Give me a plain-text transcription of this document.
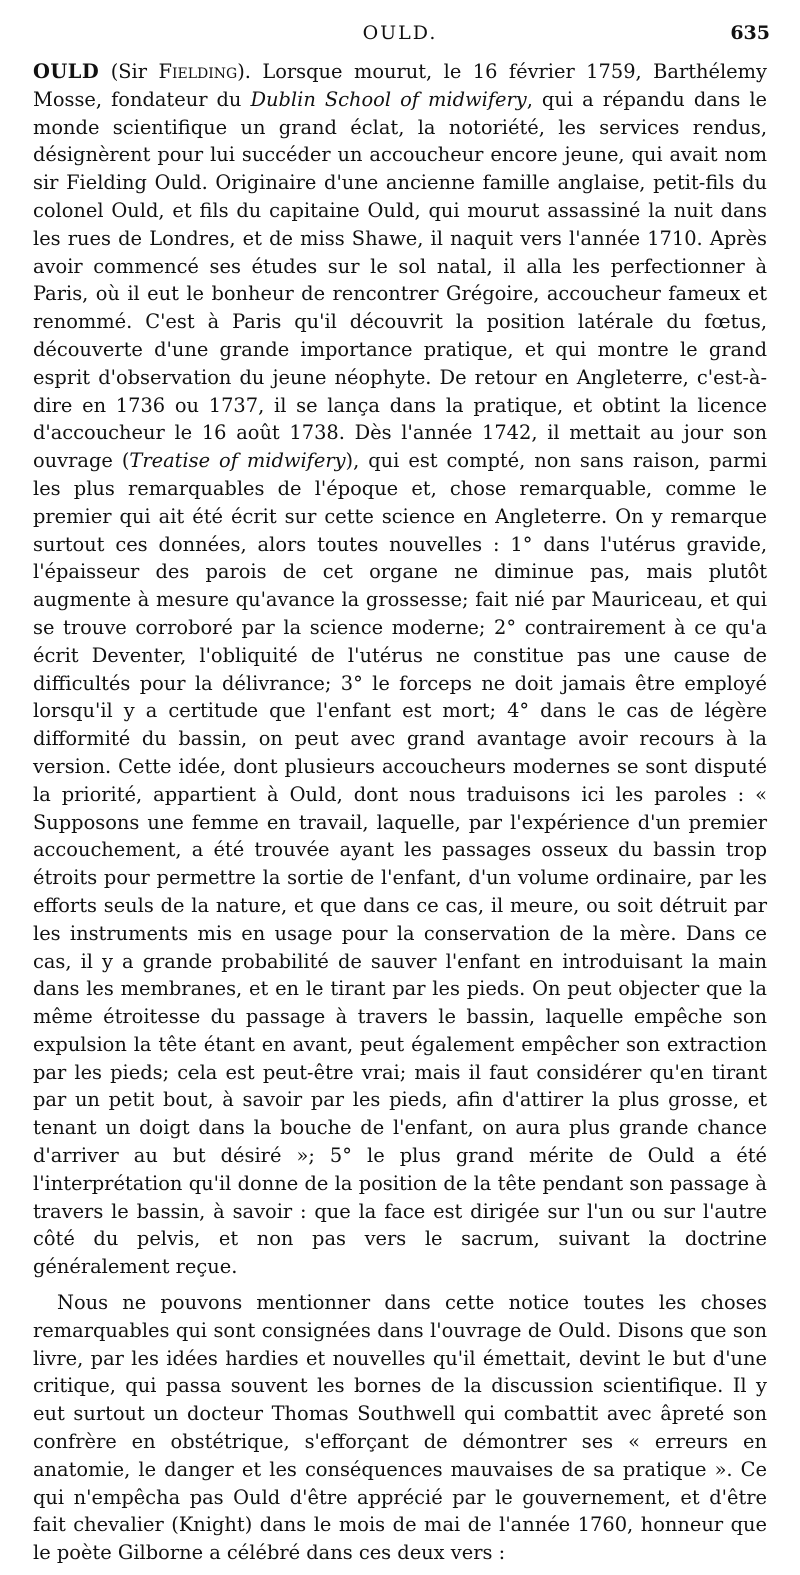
OULD.	635

OULD (Sir Fielding). Lorsque mourut, le 16 février 1759, Barthélemy Mosse, fondateur du Dublin School of midwifery, qui a répandu dans le monde scientifique un grand éclat, la notoriété, les services rendus, désignèrent pour lui succéder un accoucheur encore jeune, qui avait nom sir Fielding Ould. Originaire d'une ancienne famille anglaise, petit-fils du colonel Ould, et fils du capitaine Ould, qui mourut assassiné la nuit dans les rues de Londres, et de miss Shawe, il naquit vers l'année 1710. Après avoir commencé ses études sur le sol natal, il alla les perfectionner à Paris, où il eut le bonheur de rencontrer Grégoire, accoucheur fameux et renommé. C'est à Paris qu'il découvrit la position latérale du fœtus, découverte d'une grande importance pratique, et qui montre le grand esprit d'observation du jeune néophyte. De retour en Angleterre, c'est-à-dire en 1736 ou 1737, il se lança dans la pratique, et obtint la licence d'accoucheur le 16 août 1738. Dès l'année 1742, il mettait au jour son ouvrage (Treatise of midwifery), qui est compté, non sans raison, parmi les plus remarquables de l'époque et, chose remarquable, comme le premier qui ait été écrit sur cette science en Angleterre. On y remarque surtout ces données, alors toutes nouvelles : 1° dans l'utérus gravide, l'épaisseur des parois de cet organe ne diminue pas, mais plutôt augmente à mesure qu'avance la grossesse; fait nié par Mauriceau, et qui se trouve corroboré par la science moderne; 2° contrairement à ce qu'a écrit Deventer, l'obliquité de l'utérus ne constitue pas une cause de difficultés pour la délivrance; 3° le forceps ne doit jamais être employé lorsqu'il y a certitude que l'enfant est mort; 4° dans le cas de légère difformité du bassin, on peut avec grand avantage avoir recours à la version. Cette idée, dont plusieurs accoucheurs modernes se sont disputé la priorité, appartient à Ould, dont nous traduisons ici les paroles : « Supposons une femme en travail, laquelle, par l'expérience d'un premier accouchement, a été trouvée ayant les passages osseux du bassin trop étroits pour permettre la sortie de l'enfant, d'un volume ordinaire, par les efforts seuls de la nature, et que dans ce cas, il meure, ou soit détruit par les instruments mis en usage pour la conservation de la mère. Dans ce cas, il y a grande probabilité de sauver l'enfant en introduisant la main dans les membranes, et en le tirant par les pieds. On peut objecter que la même étroitesse du passage à travers le bassin, laquelle empêche son expulsion la tête étant en avant, peut également empêcher son extraction par les pieds; cela est peut-être vrai; mais il faut considérer qu'en tirant par un petit bout, à savoir par les pieds, afin d'attirer la plus grosse, et tenant un doigt dans la bouche de l'enfant, on aura plus grande chance d'arriver au but désiré »; 5° le plus grand mérite de Ould a été l'interprétation qu'il donne de la position de la tête pendant son passage à travers le bassin, à savoir : que la face est dirigée sur l'un ou sur l'autre côté du pelvis, et non pas vers le sacrum, suivant la doctrine généralement reçue.

Nous ne pouvons mentionner dans cette notice toutes les choses remarquables qui sont consignées dans l'ouvrage de Ould. Disons que son livre, par les idées hardies et nouvelles qu'il émettait, devint le but d'une critique, qui passa souvent les bornes de la discussion scientifique. Il y eut surtout un docteur Thomas Southwell qui combattit avec âpreté son confrère en obstétrique, s'efforçant de démontrer ses « erreurs en anatomie, le danger et les conséquences mauvaises de sa pratique ». Ce qui n'empêcha pas Ould d'être apprécié par le gouvernement, et d'être fait chevalier (Knight) dans le mois de mai de l'année 1760, honneur que le poète Gilborne a célébré dans ces deux vers :
